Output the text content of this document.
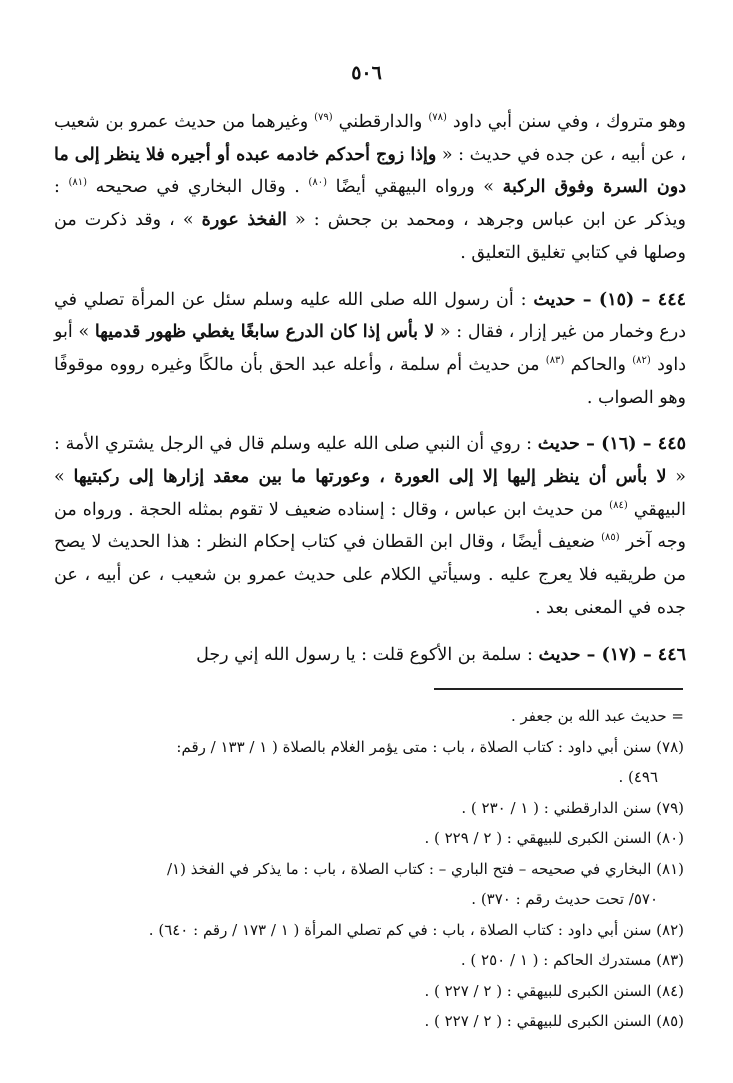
٥٠٦

وهو متروك ، وفي سنن أبي داود $^{(٧٨)}$ والدارقطني $^{(٧٩)}$ وغيرهما من حديث عمرو بن شعيب ، عن أبيه ، عن جده في حديث : « وإذا زوج أحدكم خادمه عبده أو أجيره فلا ينظر إلى ما دون السرة وفوق الركبة » ورواه البيهقي أيضًا $^{(٨٠)}$ . وقال البخاري في صحيحه $^{(٨١)}$ : ويذكر عن ابن عباس وجرهد ، ومحمد بن جحش : « الفخذ عورة » ، وقد ذكرت من وصلها في كتابي تغليق التعليق .

٤٤٤ – (١٥) – حديث : أن رسول الله صلى الله عليه وسلم سئل عن المرأة تصلي في درع وخمار من غير إزار ، فقال : « لا بأس إذا كان الدرع سابغًا يغطي ظهور قدميها » أبو داود $^{(٨٢)}$ والحاكم $^{(٨٣)}$ من حديث أم سلمة ، وأعله عبد الحق بأن مالكًا وغيره رووه موقوفًا وهو الصواب .

٤٤٥ – (١٦) – حديث : روي أن النبي صلى الله عليه وسلم قال في الرجل يشتري الأمة : « لا بأس أن ينظر إليها إلا إلى العورة ، وعورتها ما بين معقد إزارها إلى ركبتيها » البيهقي $^{(٨٤)}$ من حديث ابن عباس ، وقال : إسناده ضعيف لا تقوم بمثله الحجة . ورواه من وجه آخر $^{(٨٥)}$ ضعيف أيضًا ، وقال ابن القطان في كتاب إحكام النظر : هذا الحديث لا يصح من طريقيه فلا يعرج عليه . وسيأتي الكلام على حديث عمرو بن شعيب ، عن أبيه ، عن جده في المعنى بعد .

٤٤٦ – (١٧) – حديث : سلمة بن الأكوع قلت : يا رسول الله إني رجل

= حديث عبد الله بن جعفر .
(٧٨) سنن أبي داود : كتاب الصلاة ، باب : متى يؤمر الغلام بالصلاة ( ١ / ١٣٣ / رقم:
٤٩٦) .
(٧٩) سنن الدارقطني : ( ١ / ٢٣٠ ) .
(٨٠) السنن الكبرى للبيهقي : ( ٢ / ٢٢٩ ) .
(٨١) البخاري في صحيحه – فتح الباري – : كتاب الصلاة ، باب : ما يذكر في الفخذ (١/
٥٧٠/ تحت حديث رقم : ٣٧٠) .
(٨٢) سنن أبي داود : كتاب الصلاة ، باب : في كم تصلي المرأة ( ١ / ١٧٣ / رقم : ٦٤٠) .
(٨٣) مستدرك الحاكم : ( ١ / ٢٥٠ ) .
(٨٤) السنن الكبرى للبيهقي : ( ٢ / ٢٢٧ ) .
(٨٥) السنن الكبرى للبيهقي : ( ٢ / ٢٢٧ ) .
